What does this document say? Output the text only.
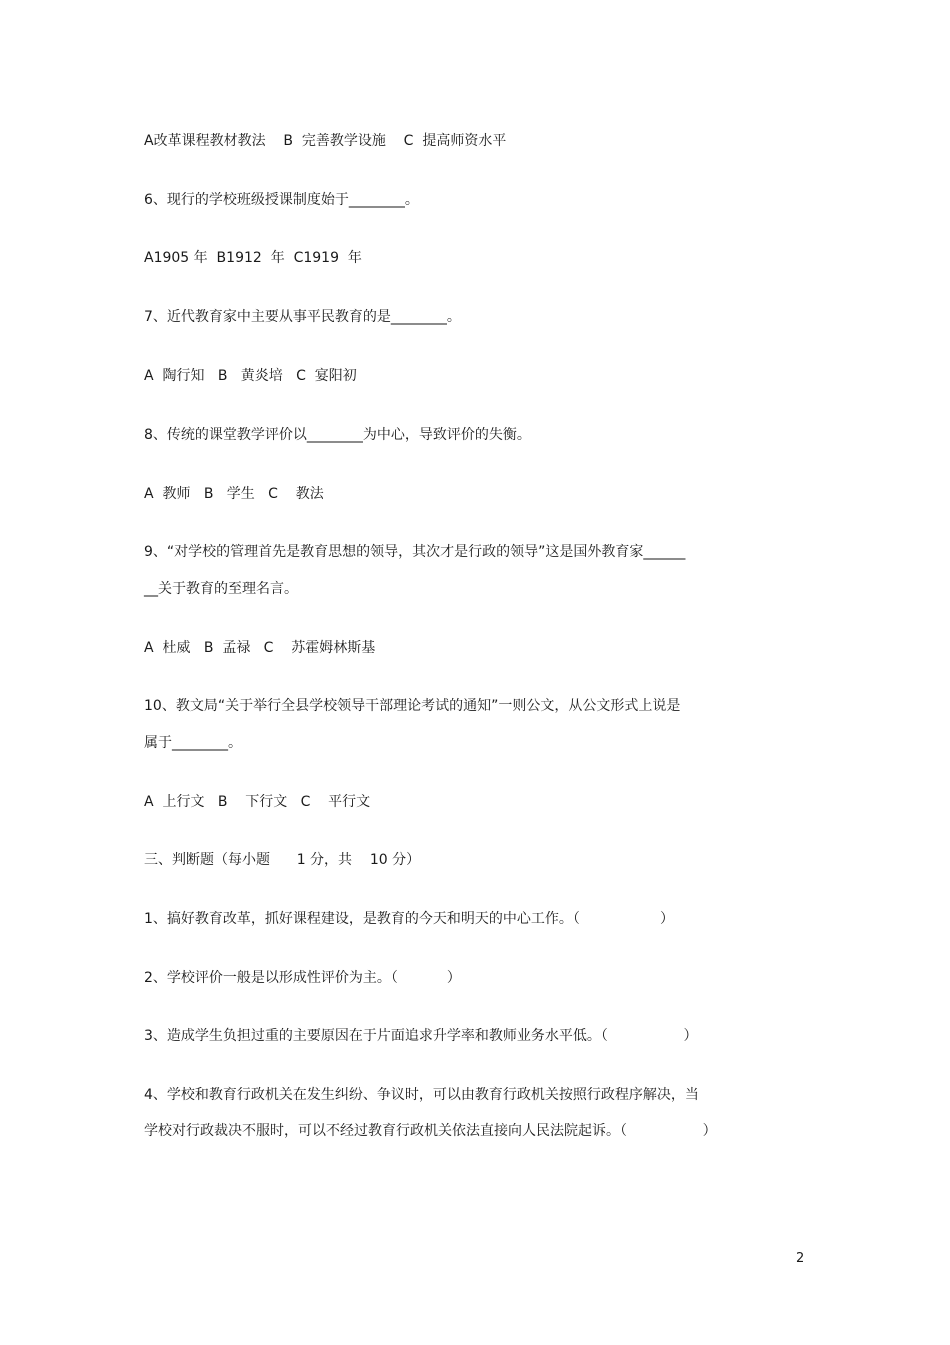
A改革课程教材教法    B  完善教学设施    C  提高师资水平
6、现行的学校班级授课制度始于________。
A1905 年  B1912  年  C1919  年
7、近代教育家中主要从事平民教育的是________。
A  陶行知   B   黄炎培   C  宴阳初
8、传统的课堂教学评价以________为中心，导致评价的失衡。
A  教师   B   学生   C    教法
9、“对学校的管理首先是教育思想的领导，其次才是行政的领导”这是国外教育家______
__关于教育的至理名言。
A  杜威   B  孟禄   C    苏霍姆林斯基
10、教文局“关于举行全县学校领导干部理论考试的通知”一则公文，从公文形式上说是
属于________。
A  上行文   B    下行文   C    平行文
三、判断题（每小题      1 分，共    10 分）
1、搞好教育改革，抓好课程建设，是教育的今天和明天的中心工作。（                  ）
2、学校评价一般是以形成性评价为主。（           ）
3、造成学生负担过重的主要原因在于片面追求升学率和教师业务水平低。（                 ）
4、学校和教育行政机关在发生纠纷、争议时，可以由教育行政机关按照行政程序解决，当
学校对行政裁决不服时，可以不经过教育行政机关依法直接向人民法院起诉。（                 ）
2
